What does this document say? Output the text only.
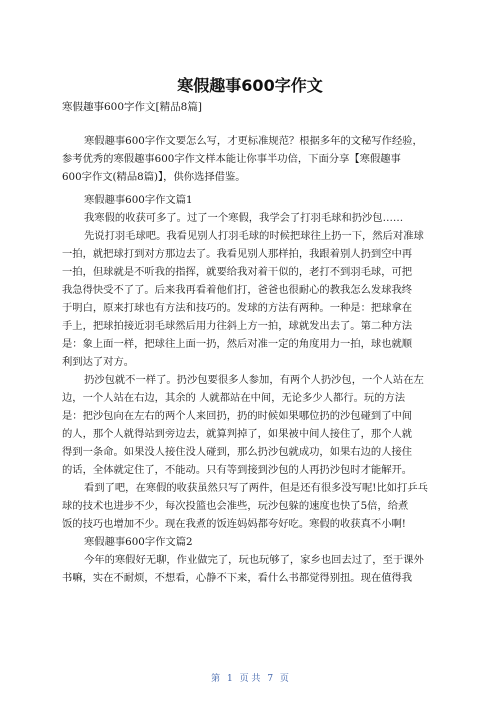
寒假趣事600字作文
寒假趣事600字作文[精品8篇]
寒假趣事600字作文要怎么写，才更标准规范？根据多年的文秘写作经验，
参考优秀的寒假趣事600字作文样本能让你事半功倍，下面分享【寒假趣事
600字作文(精品8篇)】，供你选择借鉴。
寒假趣事600字作文篇1
我寒假的收获可多了。过了一个寒假，我学会了打羽毛球和扔沙包……
先说打羽毛球吧。我看见别人打羽毛球的时候把球往上扔一下，然后对准球
一拍，就把球打到对方那边去了。我看见别人那样拍，我跟着别人扔到空中再
一拍，但球就是不听我的指挥，就要给我对着干似的，老打不到羽毛球，可把
我急得快受不了了。后来我再看着他们打，爸爸也很耐心的教我怎么发球我终
于明白，原来打球也有方法和技巧的。发球的方法有两种。一种是：把球拿在
手上，把球拍接近羽毛球然后用力往斜上方一拍，球就发出去了。第二种方法
是：象上面一样，把球往上面一扔，然后对准一定的角度用力一拍，球也就顺
利到达了对方。
扔沙包就不一样了。扔沙包要很多人参加，有两个人扔沙包，一个人站在左
边，一个人站在右边，其余的 人就都站在中间，无论多少人都行。玩的方法
是：把沙包向在左右的两个人来回扔，扔的时候如果哪位扔的沙包碰到了中间
的人，那个人就得站到旁边去，就算判掉了，如果被中间人接住了，那个人就
得到一条命。如果没人接住没人碰到，那么扔沙包就成功，如果右边的人接住
的话，全体就定住了，不能动。只有等到接到沙包的人再扔沙包时才能解开。
看到了吧，在寒假的收获虽然只写了两件，但是还有很多没写呢!比如打乒乓
球的技术也进步不少，每次投篮也会准些，玩沙包躲的速度也快了5倍，给煮
饭的技巧也增加不少。现在我煮的饭连妈妈都夸好吃。寒假的收获真不小啊!
寒假趣事600字作文篇2
今年的寒假好无聊，作业做完了，玩也玩够了，家乡也回去过了，至于课外
书嘛，实在不耐烦，不想看，心静不下来，看什么书都觉得别扭。现在值得我
第 1 页 共 7 页
